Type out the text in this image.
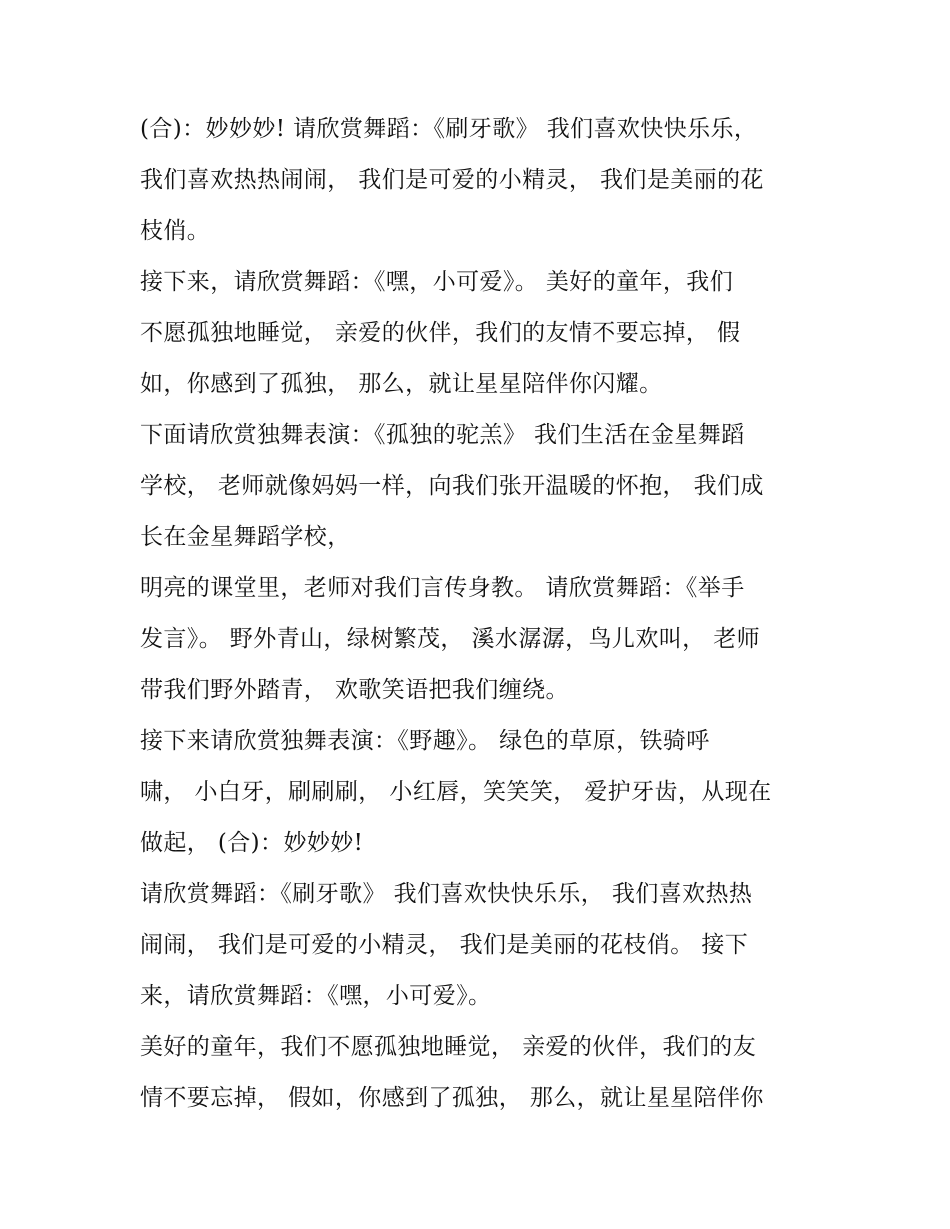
(合)：妙妙妙! 请欣赏舞蹈：《刷牙歌》 我们喜欢快快乐乐，
我们喜欢热热闹闹， 我们是可爱的小精灵， 我们是美丽的花
枝俏。
接下来，请欣赏舞蹈：《嘿，小可爱》。 美好的童年，我们
不愿孤独地睡觉， 亲爱的伙伴，我们的友情不要忘掉， 假
如，你感到了孤独， 那么，就让星星陪伴你闪耀。
下面请欣赏独舞表演：《孤独的驼羔》 我们生活在金星舞蹈
学校， 老师就像妈妈一样，向我们张开温暖的怀抱， 我们成
长在金星舞蹈学校，
明亮的课堂里，老师对我们言传身教。 请欣赏舞蹈：《举手
发言》。 野外青山，绿树繁茂， 溪水潺潺，鸟儿欢叫， 老师
带我们野外踏青， 欢歌笑语把我们缠绕。
接下来请欣赏独舞表演：《野趣》。 绿色的草原，铁骑呼
啸， 小白牙，刷刷刷， 小红唇，笑笑笑， 爱护牙齿，从现在
做起， (合)：妙妙妙!
请欣赏舞蹈：《刷牙歌》 我们喜欢快快乐乐， 我们喜欢热热
闹闹， 我们是可爱的小精灵， 我们是美丽的花枝俏。 接下
来，请欣赏舞蹈：《嘿，小可爱》。
美好的童年，我们不愿孤独地睡觉， 亲爱的伙伴，我们的友
情不要忘掉， 假如，你感到了孤独， 那么，就让星星陪伴你
